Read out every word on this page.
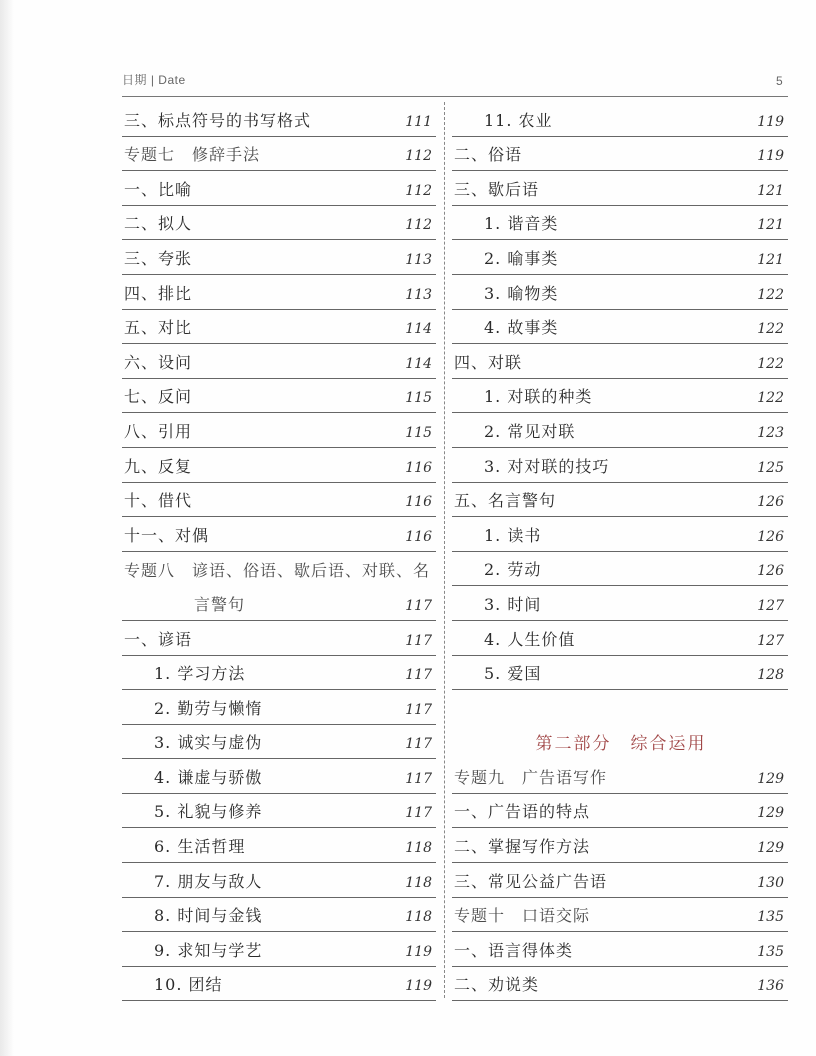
日期 | Date	5
三、标点符号的书写格式	111
专题七　修辞手法	112
一、比喻	112
二、拟人	112
三、夸张	113
四、排比	113
五、对比	114
六、设问	114
七、反问	115
八、引用	115
九、反复	116
十、借代	116
十一、对偶	116
专题八　谚语、俗语、歇后语、对联、名
言警句	117
一、谚语	117
1. 学习方法	117
2. 勤劳与懒惰	117
3. 诚实与虚伪	117
4. 谦虚与骄傲	117
5. 礼貌与修养	117
6. 生活哲理	118
7. 朋友与敌人	118
8. 时间与金钱	118
9. 求知与学艺	119
10. 团结	119
11. 农业	119
二、俗语	119
三、歇后语	121
1. 谐音类	121
2. 喻事类	121
3. 喻物类	122
4. 故事类	122
四、对联	122
1. 对联的种类	122
2. 常见对联	123
3. 对对联的技巧	125
五、名言警句	126
1. 读书	126
2. 劳动	126
3. 时间	127
4. 人生价值	127
5. 爱国	128
第二部分　综合运用
专题九　广告语写作	129
一、广告语的特点	129
二、掌握写作方法	129
三、常见公益广告语	130
专题十　口语交际	135
一、语言得体类	135
二、劝说类	136
